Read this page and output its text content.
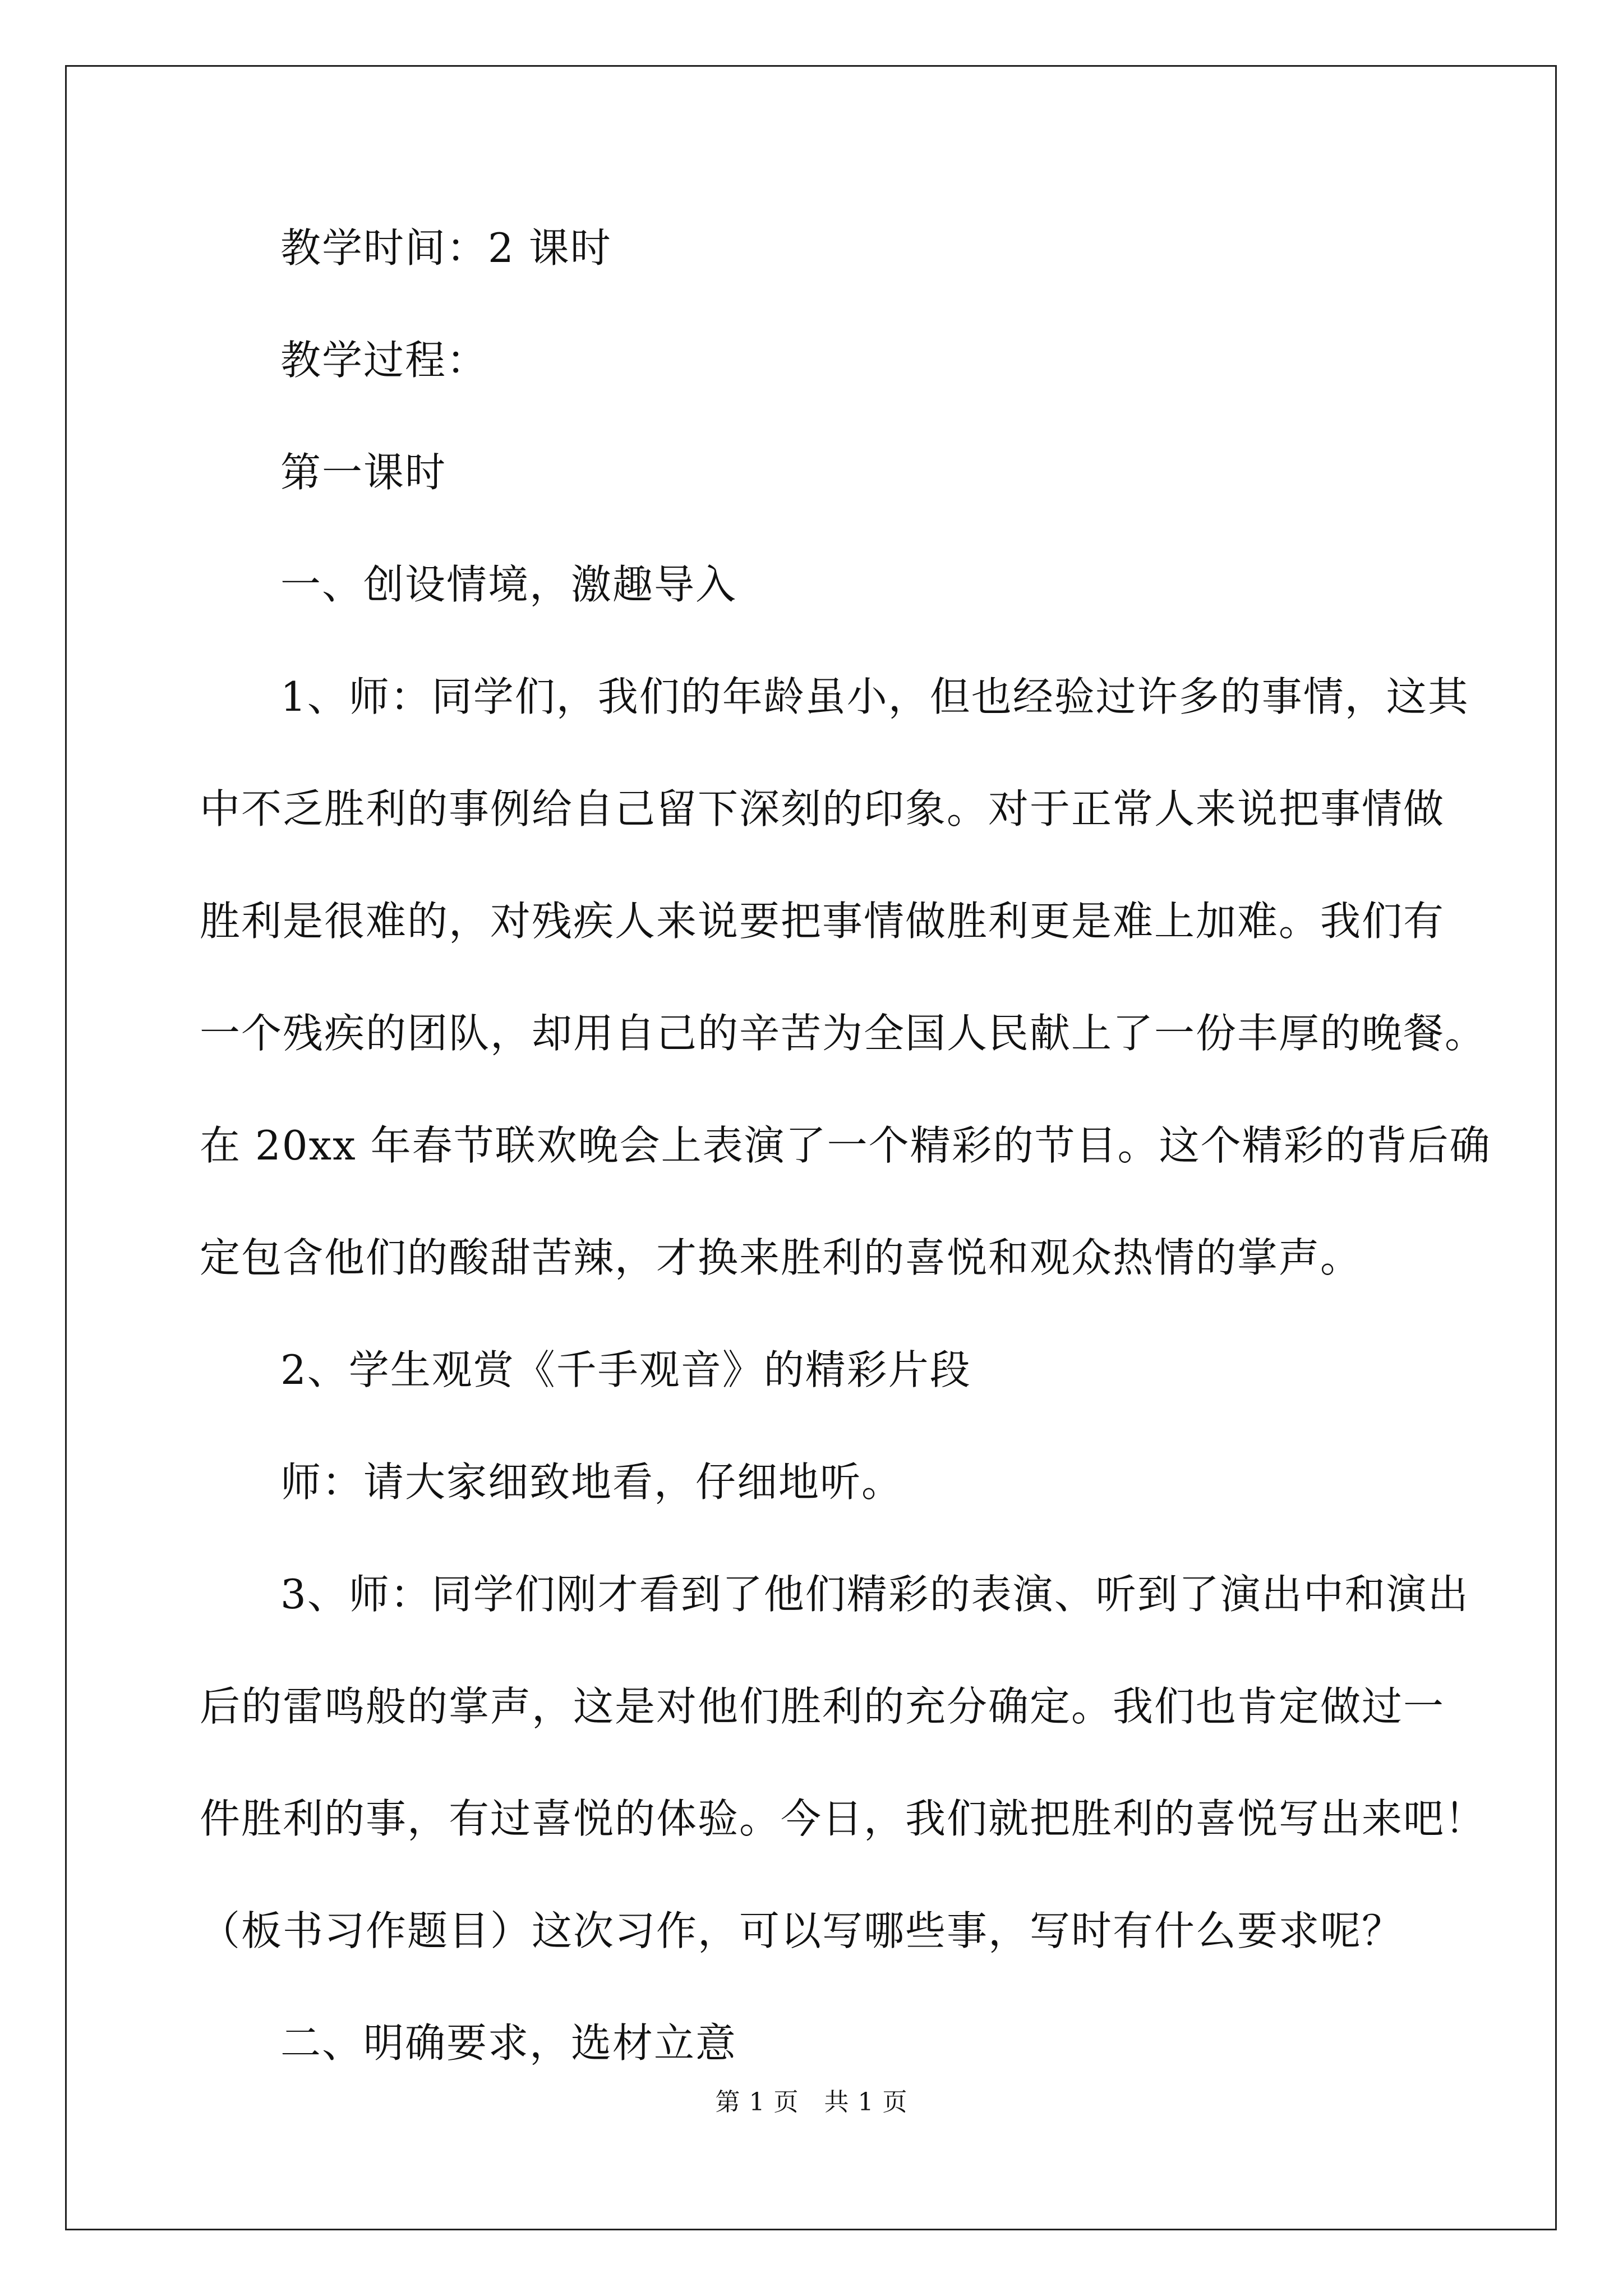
教学时间：2 课时
教学过程：
第一课时
一、创设情境，激趣导入
1、师：同学们，我们的年龄虽小，但也经验过许多的事情，这其
中不乏胜利的事例给自己留下深刻的印象。对于正常人来说把事情做
胜利是很难的，对残疾人来说要把事情做胜利更是难上加难。我们有
一个残疾的团队，却用自己的辛苦为全国人民献上了一份丰厚的晚餐。
在 20xx 年春节联欢晚会上表演了一个精彩的节目。这个精彩的背后确
定包含他们的酸甜苦辣，才换来胜利的喜悦和观众热情的掌声。
2、学生观赏《千手观音》的精彩片段
师：请大家细致地看，仔细地听。
3、师：同学们刚才看到了他们精彩的表演、听到了演出中和演出
后的雷鸣般的掌声，这是对他们胜利的充分确定。我们也肯定做过一
件胜利的事，有过喜悦的体验。今日，我们就把胜利的喜悦写出来吧！
（板书习作题目）这次习作，可以写哪些事，写时有什么要求呢？
二、明确要求，选材立意
第 1 页　共 1 页
